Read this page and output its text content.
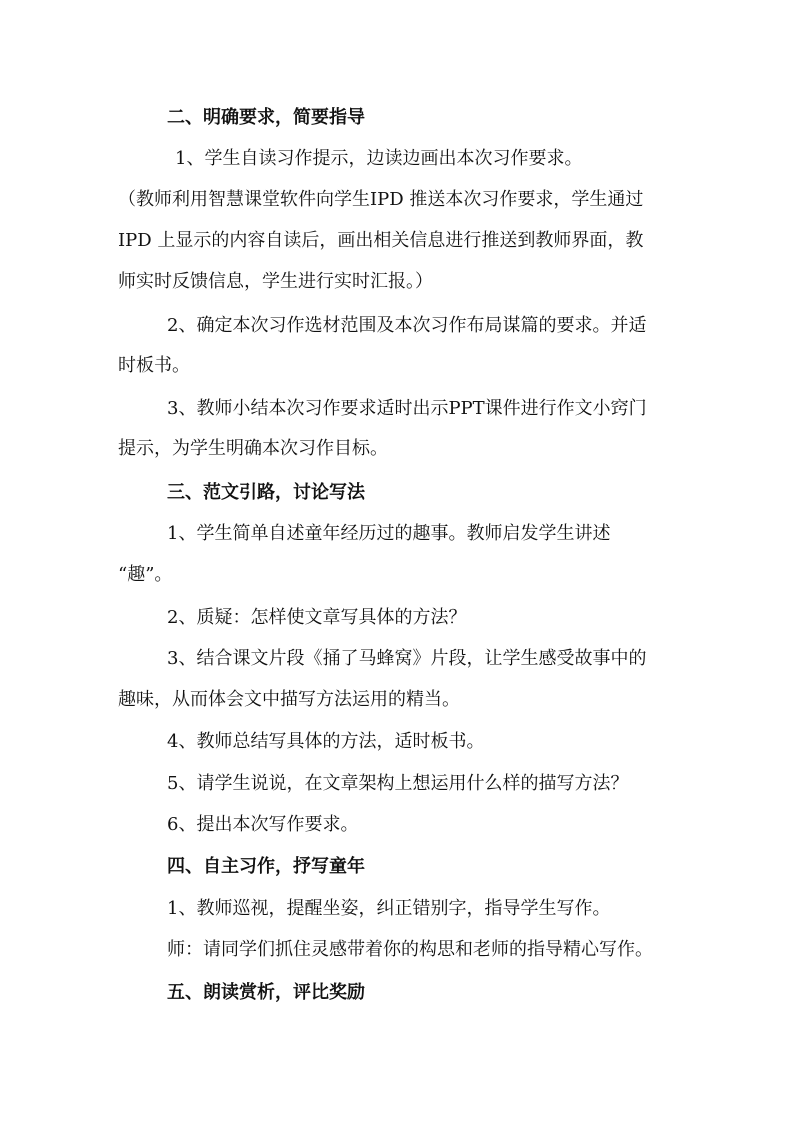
二、明确要求，简要指导
1、学生自读习作提示，边读边画出本次习作要求。
（教师利用智慧课堂软件向学生IPD 推送本次习作要求，学生通过
IPD 上显示的内容自读后，画出相关信息进行推送到教师界面，教
师实时反馈信息，学生进行实时汇报。）
2、确定本次习作选材范围及本次习作布局谋篇的要求。并适
时板书。
3、教师小结本次习作要求适时出示PPT课件进行作文小窍门
提示，为学生明确本次习作目标。
三、范文引路，讨论写法
1、学生简单自述童年经历过的趣事。教师启发学生讲述
“趣”。
2、质疑：怎样使文章写具体的方法？
3、结合课文片段《捅了马蜂窝》片段，让学生感受故事中的
趣味，从而体会文中描写方法运用的精当。
4、教师总结写具体的方法，适时板书。
5、请学生说说，在文章架构上想运用什么样的描写方法？
6、提出本次写作要求。
四、自主习作，抒写童年
1、教师巡视，提醒坐姿，纠正错别字，指导学生写作。
师：请同学们抓住灵感带着你的构思和老师的指导精心写作。
五、朗读赏析，评比奖励
